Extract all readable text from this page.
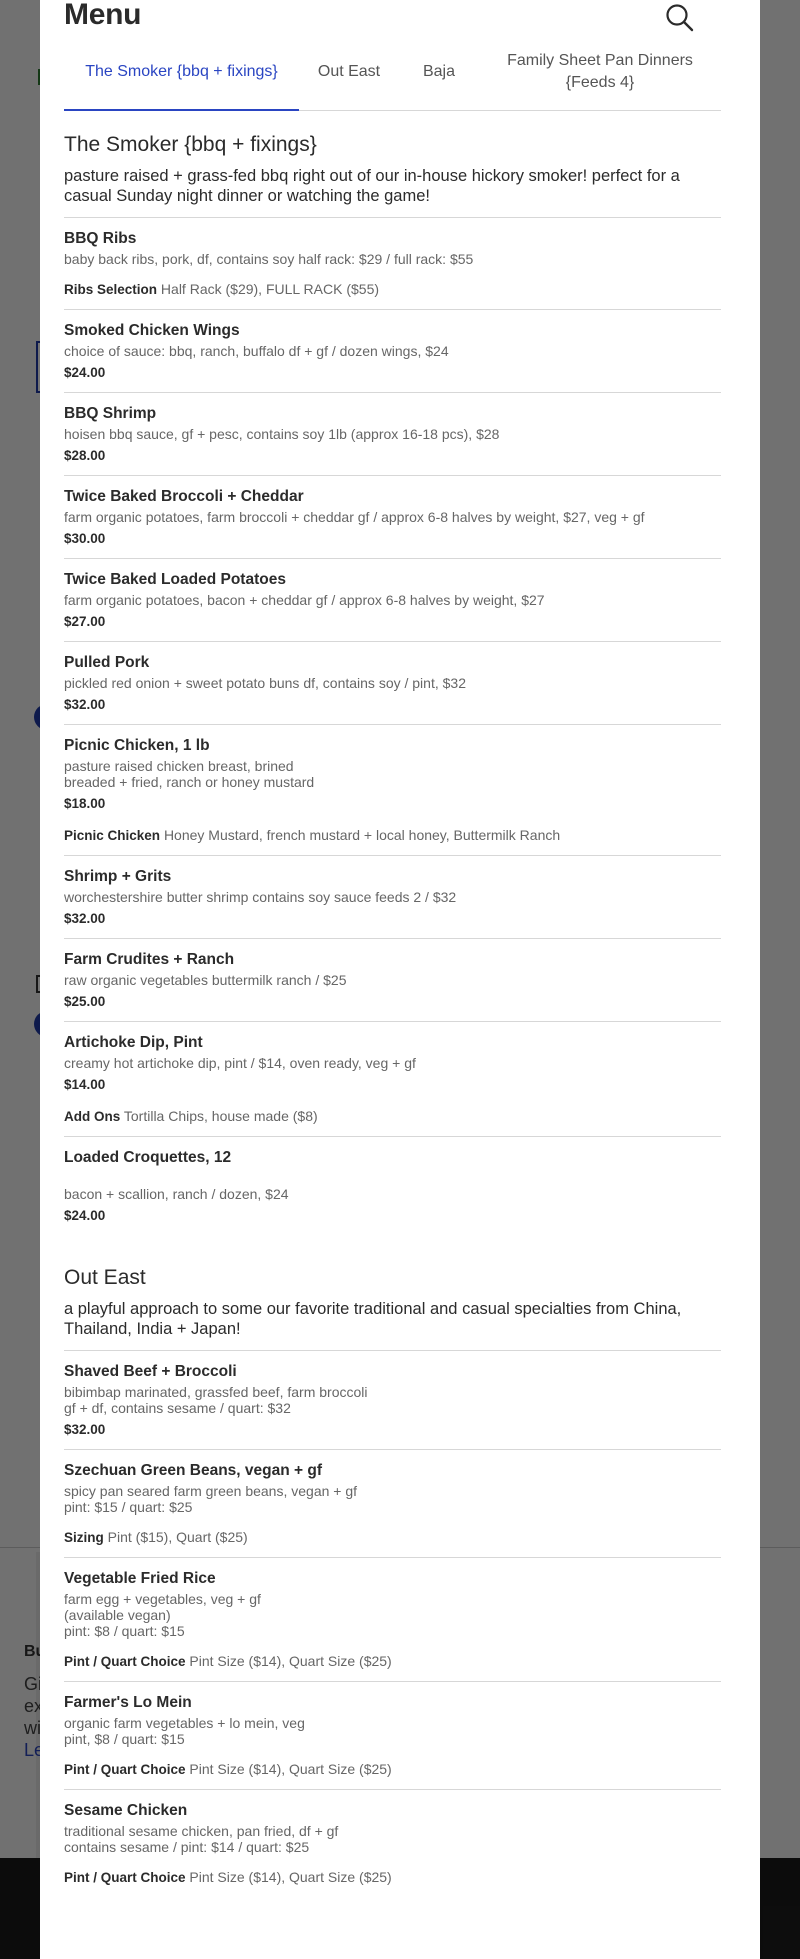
Menu
The Smoker {bbq + fixings}	Out East	Baja
Family Sheet Pan Dinners
{Feeds 4}
The Smoker {bbq + fixings}
pasture raised + grass-fed bbq right out of our in-house hickory smoker! perfect for a casual Sunday night dinner or watching the game!
BBQ Ribs
baby back ribs, pork, df, contains soy half rack: $29 / full rack: $55
Ribs Selection Half Rack ($29), FULL RACK ($55)
Smoked Chicken Wings
choice of sauce: bbq, ranch, buffalo df + gf / dozen wings, $24
$24.00
BBQ Shrimp
hoisen bbq sauce, gf + pesc, contains soy 1lb (approx 16-18 pcs), $28
$28.00
Twice Baked Broccoli + Cheddar
farm organic potatoes, farm broccoli + cheddar gf / approx 6-8 halves by weight, $27, veg + gf
$30.00
Twice Baked Loaded Potatoes
farm organic potatoes, bacon + cheddar gf / approx 6-8 halves by weight, $27
$27.00
Pulled Pork
pickled red onion + sweet potato buns df, contains soy / pint, $32
$32.00
Picnic Chicken, 1 lb
pasture raised chicken breast, brined
breaded + fried, ranch or honey mustard
$18.00
Picnic Chicken Honey Mustard, french mustard + local honey, Buttermilk Ranch
Shrimp + Grits
worchestershire butter shrimp contains soy sauce feeds 2 / $32
$32.00
Farm Crudites + Ranch
raw organic vegetables buttermilk ranch / $25
$25.00
Artichoke Dip, Pint
creamy hot artichoke dip, pint / $14, oven ready, veg + gf
$14.00
Add Ons Tortilla Chips, house made ($8)
Loaded Croquettes, 12
bacon + scallion, ranch / dozen, $24
$24.00
Out East
a playful approach to some our favorite traditional and casual specialties from China, Thailand, India + Japan!
Shaved Beef + Broccoli
bibimbap marinated, grassfed beef, farm broccoli
gf + df, contains sesame / quart: $32
$32.00
Szechuan Green Beans, vegan + gf
spicy pan seared farm green beans, vegan + gf
pint: $15 / quart: $25
Sizing Pint ($15), Quart ($25)
Vegetable Fried Rice
farm egg + vegetables, veg + gf
(available vegan)
pint: $8 / quart: $15
Pint / Quart Choice Pint Size ($14), Quart Size ($25)
Farmer's Lo Mein
organic farm vegetables + lo mein, veg
pint, $8 / quart: $15
Pint / Quart Choice Pint Size ($14), Quart Size ($25)
Sesame Chicken
traditional sesame chicken, pan fried, df + gf
contains sesame / pint: $14 / quart: $25
Pint / Quart Choice Pint Size ($14), Quart Size ($25)
